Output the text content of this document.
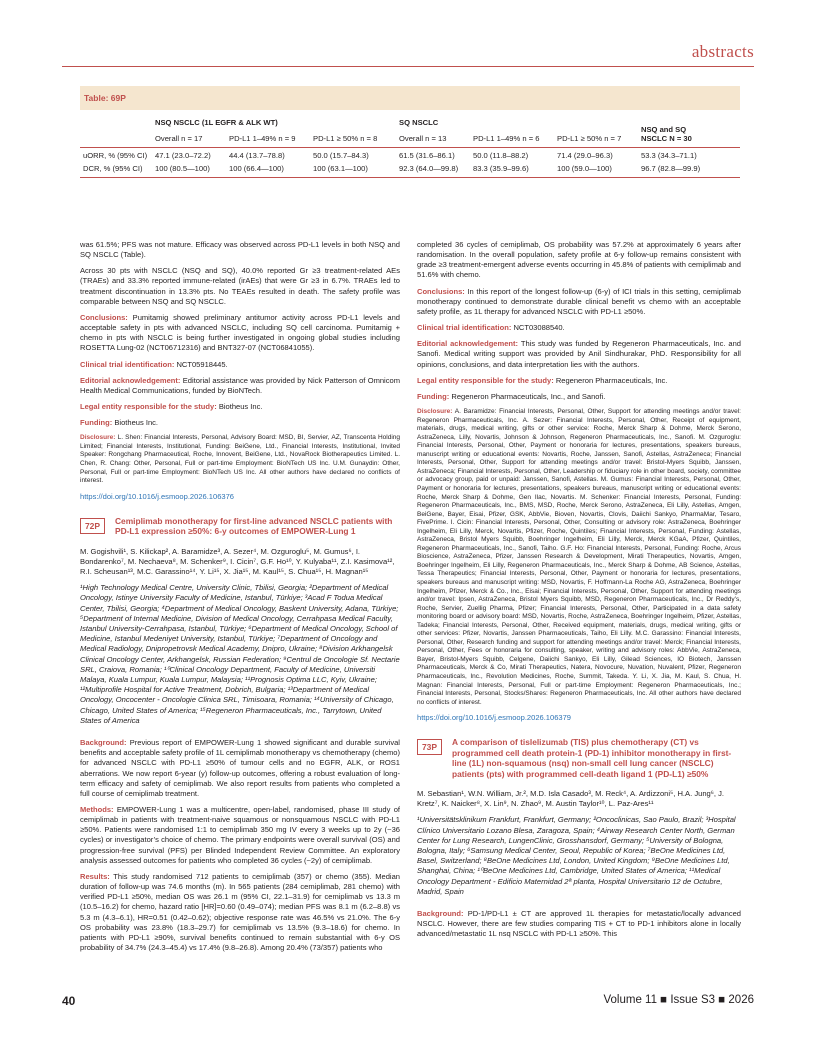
abstracts
Table: 69P
	NSQ NSCLC (1L EGFR & ALK WT)			SQ NSCLC			NSQ and SQ
NSCLC N = 30
	Overall n = 17	PD-L1 1–49% n = 9	PD-L1 ≥ 50% n = 8	Overall n = 13	PD-L1 1–49% n = 6	PD-L1 ≥ 50% n = 7	
uORR, % (95% CI)	47.1 (23.0–72.2)	44.4 (13.7–78.8)	50.0 (15.7–84.3)	61.5 (31.6–86.1)	50.0 (11.8–88.2)	71.4 (29.0–96.3)	53.3 (34.3–71.1)
DCR, % (95% CI)	100 (80.5—100)	100 (66.4—100)	100 (63.1—100)	92.3 (64.0—99.8)	83.3 (35.9–99.6)	100 (59.0—100)	96.7 (82.8—99.9)

was 61.5%; PFS was not mature. Efficacy was observed across PD-L1 levels in both NSQ and SQ NSCLC (Table).

Across 30 pts with NSCLC (NSQ and SQ), 40.0% reported Gr ≥3 treatment-related AEs (TRAEs) and 33.3% reported immune-related (irAEs) that were Gr ≥3 in 6.7%. TRAEs led to treatment discontinuation in 13.3% pts. No TEAEs resulted in death. The safety profile was comparable between NSQ and SQ NSCLC.

Conclusions: Pumitamig showed preliminary antitumor activity across PD-L1 levels and acceptable safety in pts with advanced NSCLC, including SQ cell carcinoma. Pumitamig + chemo in pts with NSCLC is being further investigated in ongoing global studies including ROSETTA Lung-02 (NCT06712316) and BNT327-07 (NCT06841055).

Clinical trial identification: NCT05918445.

Editorial acknowledgement: Editorial assistance was provided by Nick Patterson of Omnicom Health Medical Communications, funded by BioNTech.

Legal entity responsible for the study: Biotheus Inc.

Funding: Biotheus Inc.

Disclosure: L. Shen: Financial Interests, Personal, Advisory Board: MSD, BI, Servier, AZ, Transcenta Holding Limited; Financial Interests, Institutional, Funding: BeiGene, Ltd., Financial Interests, Institutional, Invited Speaker: Rongchang Pharmaceutical, Roche, Innovent, BeiGene, Ltd., NovaRock Biotherapeutics Limited. L. Chen, R. Chang: Other, Personal, Full or part-time Employment: BioNTech US Inc. U.M. Gunaydin: Other, Personal, Full or part-time Employment: BioNTech US Inc. All other authors have declared no conflicts of interest.

https://doi.org/10.1016/j.esmoop.2026.106376

72P	Cemiplimab monotherapy for first-line advanced NSCLC patients with PD-L1 expression ≥50%: 6-y outcomes of EMPOWER-Lung 1
M. Gogishvili¹, S. Kilickap², A. Baramidze³, A. Sezer⁴, M. Ozguroglu⁵, M. Gumus⁶, I. Bondarenko⁷, M. Nechaeva⁸, M. Schenker⁹, I. Cicin⁷, G.F. Ho¹⁰, Y. Kulyaba¹¹, Z.I. Kasimova¹², R.I. Scheusan¹³, M.C. Garassino¹⁴, Y. Li¹⁵, X. Jia¹⁵, M. Kaul¹⁵, S. Chua¹⁵, H. Magnan¹⁵
¹High Technology Medical Centre, University Clinic, Tbilisi, Georgia; ²Department of Medical Oncology, Istinye University Faculty of Medicine, Istanbul, Türkiye; ³Acad F Todua Medical Center, Tbilisi, Georgia; ⁴Department of Medical Oncology, Baskent University, Adana, Türkiye; ⁵Department of Internal Medicine, Division of Medical Oncology, Cerrahpasa Medical Faculty, Istanbul University-Cerrahpasa, Istanbul, Türkiye; ⁶Department of Medical Oncology, School of Medicine, Istanbul Medeniyet University, Istanbul, Türkiye; ⁷Department of Oncology and Medical Radiology, Dnipropetrovsk Medical Academy, Dnipro, Ukraine; ⁸Division Arkhangelsk Clinical Oncology Center, Arkhangelsk, Russian Federation; ⁹Centrul de Oncologie Sf. Nectarie SRL, Craiova, Romania; ¹⁰Clinical Oncology Department, Faculty of Medicine, Universiti Malaya, Kuala Lumpur, Kuala Lumpur, Malaysia; ¹¹Prognosis Optima LLC, Kyiv, Ukraine; ¹²Multiprofile Hospital for Active Treatment, Dobrich, Bulgaria; ¹³Department of Medical Oncology, Oncocenter - Oncologie Clinica SRL, Timisoara, Romania; ¹⁴University of Chicago, Chicago, United States of America; ¹⁵Regeneron Pharmaceuticals, Inc., Tarrytown, United States of America

Background: Previous report of EMPOWER-Lung 1 showed significant and durable survival benefits and acceptable safety profile of 1L cemiplimab monotherapy vs chemotherapy (chemo) for advanced NSCLC with PD-L1 ≥50% of tumour cells and no EGFR, ALK, or ROS1 aberrations. We now report 6-year (y) follow-up outcomes, offering a robust evaluation of long-term efficacy and safety of cemiplimab. We also report results from patients who completed a full course of cemiplimab treatment.

Methods: EMPOWER-Lung 1 was a multicentre, open-label, randomised, phase III study of cemiplimab in patients with treatment-naive squamous or nonsquamous NSCLC with PD-L1 ≥50%. Patients were randomised 1:1 to cemiplimab 350 mg IV every 3 weeks up to 2y (~36 cycles) or investigator’s choice of chemo. The primary endpoints were overall survival (OS) and progression-free survival (PFS) per Blinded Independent Review Committee. An exploratory analysis assessed outcomes for patients who completed 36 cycles (~2y) of cemiplimab.

Results: This study randomised 712 patients to cemiplimab (357) or chemo (355). Median duration of follow-up was 74.6 months (m). In 565 patients (284 cemiplimab, 281 chemo) with verified PD-L1 ≥50%, median OS was 26.1 m (95% CI, 22.1–31.9) for cemiplimab vs 13.3 m (10.5–16.2) for chemo, hazard ratio [HR]=0.60 (0.49–074); median PFS was 8.1 m (6.2–8.8) vs 5.3 m (4.3–6.1), HR=0.51 (0.42–0.62); objective response rate was 46.5% vs 21.0%. The 6-y OS probability was 23.8% (18.3–29.7) for cemiplimab vs 13.5% (9.3–18.6) for chemo. In patients with PD-L1 ≥90%, survival benefits continued to remain substantial with 6-y OS probability of 34.7% (24.3–45.4) vs 17.4% (9.8–26.8). Among 20.4% (73/357) patients who

completed 36 cycles of cemiplimab, OS probability was 57.2% at approximately 6 years after randomisation. In the overall population, safety profile at 6-y follow-up remains consistent with grade ≥3 treatment-emergent adverse events occurring in 45.8% of patients with cemiplimab and 51.6% with chemo.

Conclusions: In this report of the longest follow-up (6-y) of ICI trials in this setting, cemiplimab monotherapy continued to demonstrate durable clinical benefit vs chemo with an acceptable safety profile, as 1L therapy for advanced NSCLC with PD-L1 ≥50%.

Clinical trial identification: NCT03088540.

Editorial acknowledgement: This study was funded by Regeneron Pharmaceuticals, Inc. and Sanofi. Medical writing support was provided by Anil Sindhurakar, PhD. Responsibility for all opinions, conclusions, and data interpretation lies with the authors.

Legal entity responsible for the study: Regeneron Pharmaceuticals, Inc.

Funding: Regeneron Pharmaceuticals, Inc., and Sanofi.

Disclosure: A. Baramidze: Financial Interests, Personal, Other, Support for attending meetings and/or travel: Regeneron Pharmaceuticals, Inc. A. Sezer: Financial Interests, Personal, Other, Receipt of equipment, materials, drugs, medical writing, gifts or other service: Roche, Merck Sharp & Dohme, Merck Serono, AstraZeneca, Lilly, Novartis, Johnson & Johnson, Regeneron Pharmaceuticals, Inc., Sanofi. M. Ozguroglu: Financial Interests, Personal, Other, Payment or honoraria for lectures, presentations, speakers bureaus, manuscript writing or educational events: Novartis, Roche, Janssen, Sanofi, Astellas, AstraZeneca; Financial Interests, Personal, Other, Support for attending meetings and/or travel: Bristol-Myers Squibb, Janssen, AstraZeneca; Financial Interests, Personal, Other, Leadership or fiduciary role in other board, society, committee or advocacy group, paid or unpaid: Janssen, Sanofi, Astellas. M. Gumus: Financial Interests, Personal, Other, Payment or honoraria for lectures, presentations, speakers bureaus, manuscript writing or educational events: Roche, Merck Sharp & Dohme, Gen Ilac, Novartis. M. Schenker: Financial Interests, Personal, Funding: Regeneron Pharmaceuticals, Inc., BMS, MSD, Roche, Merck Serono, AstraZeneca, Eli Lilly, Astellas, Amgen, BeiGene, Bayer, Eisai, Pfizer, GSK, AbbVie, Bioven, Novartis, Clovis, Daiichi Sankyo, PharmaMar, Tesaro, FivePrime. I. Cicin: Financial Interests, Personal, Other, Consulting or advisory role: AstraZeneca, Boehringer Ingelheim, Eli Lilly, Merck, Novartis, Pfizer, Roche, Quintiles; Financial Interests, Personal, Funding: Astellas, AstraZeneca, Bristol Myers Squibb, Boehringer Ingelheim, Eli Lilly, Merck, Merck KGaA, Pfizer, Quintiles, Regeneron Pharmaceuticals, Inc., Sanofi, Taiho. G.F. Ho: Financial Interests, Personal, Funding: Roche, Arcus Bioscience, AstraZeneca, Pfizer, Janssen Research & Development, Mirati Therapeutics, Novartis, Amgen, Boehringer Ingelheim, Eli Lilly, Regeneron Pharmaceuticals, Inc., Merck Sharp & Dohme, AB Science, Astellas, Tessa Therapeutics; Financial Interests, Personal, Other, Payment or honoraria for lectures, presentations, speakers bureaus and manuscript writing: MSD, Novartis, F. Hoffmann-La Roche AG, AstraZeneca, Boehringer Ingelheim, Pfizer, Merck & Co., Inc., Eisai; Financial Interests, Personal, Other, Support for attending meetings and/or travel: Ipsen, AstraZeneca, Bristol Myers Squibb, MSD, Regeneron Pharmaceuticals, Inc., Dr Reddy’s, Roche, Servier, Zuellig Pharma, Pfizer; Financial Interests, Personal, Other, Participated in a data safety monitoring board or advisory board: MSD, Novartis, Roche, AstraZeneca, Boehringer Ingelheim, Pfizer, Astellas, Tadeka; Financial Interests, Personal, Other, Received equipment, materials, drugs, medical writing, gifts or other services: Pfizer, Novartis, Janssen Pharmaceuticals, Taiho, Eli Lilly. M.C. Garassino: Financial Interests, Personal, Other, Research funding and support for attending meetings and/or travel: Merck; Financial Interests, Personal, Other, Fees or honoraria for consulting, speaker, writing and advisory roles: AbbVie, AstraZeneca, Bayer, Bristol-Myers Squibb, Celgene, Daiichi Sankyo, Eli Lilly, Gilead Sciences, IO Biotech, Janssen Pharmaceuticals, Merck & Co, Mirati Therapeutics, Natera, Novocure, Nuvation, Nuvalent, Pfizer, Regeneron Pharmaceuticals, Inc., Revolution Medicines, Roche, Summit, Takeda. Y. Li, X. Jia, M. Kaul, S. Chua, H. Magnan: Financial Interests, Personal, Full or part-time Employment: Regeneron Pharmaceuticals, Inc.; Financial Interests, Personal, Stocks/Shares: Regeneron Pharmaceuticals, Inc. All other authors have declared no conflicts of interest.

https://doi.org/10.1016/j.esmoop.2026.106379

73P	A comparison of tislelizumab (TIS) plus chemotherapy (CT) vs programmed cell death protein-1 (PD-1) inhibitor monotherapy in first-line (1L) non-squamous (nsq) non-small cell lung cancer (NSCLC) patients (pts) with programmed cell-death ligand 1 (PD-L1) ≥50%
M. Sebastian¹, W.N. William, Jr.², M.D. Isla Casado³, M. Reck⁴, A. Ardizzoni⁵, H.A. Jung⁶, J. Kretz⁷, K. Naicker⁸, X. Lin⁹, N. Zhao⁹, M. Austin Taylor¹⁰, L. Paz-Ares¹¹
¹Universitätsklinikum Frankfurt, Frankfurt, Germany; ²Oncoclinicas, Sao Paulo, Brazil; ³Hospital Clínico Universitario Lozano Blesa, Zaragoza, Spain; ⁴Airway Research Center North, German Center for Lung Research, LungenClinic, Grosshansdorf, Germany; ⁵University of Bologna, Bologna, Italy; ⁶Samsung Medical Center, Seoul, Republic of Korea; ⁷BeOne Medicines Ltd, Basel, Switzerland; ⁸BeOne Medicines Ltd, London, United Kingdom; ⁹BeOne Medicines Ltd, Shanghai, China; ¹⁰BeOne Medicines Ltd, Cambridge, United States of America; ¹¹Medical Oncology Department - Edificio Maternidad 2ª planta, Hospital Universitario 12 de Octubre, Madrid, Spain

Background: PD-1/PD-L1 ± CT are approved 1L therapies for metastatic/locally advanced NSCLC. However, there are few studies comparing TIS + CT to PD-1 inhibitors alone in locally advanced/metastatic 1L nsq NSCLC with PD-L1 ≥50%. This

40	Volume 11 ■ Issue S3 ■ 2026
